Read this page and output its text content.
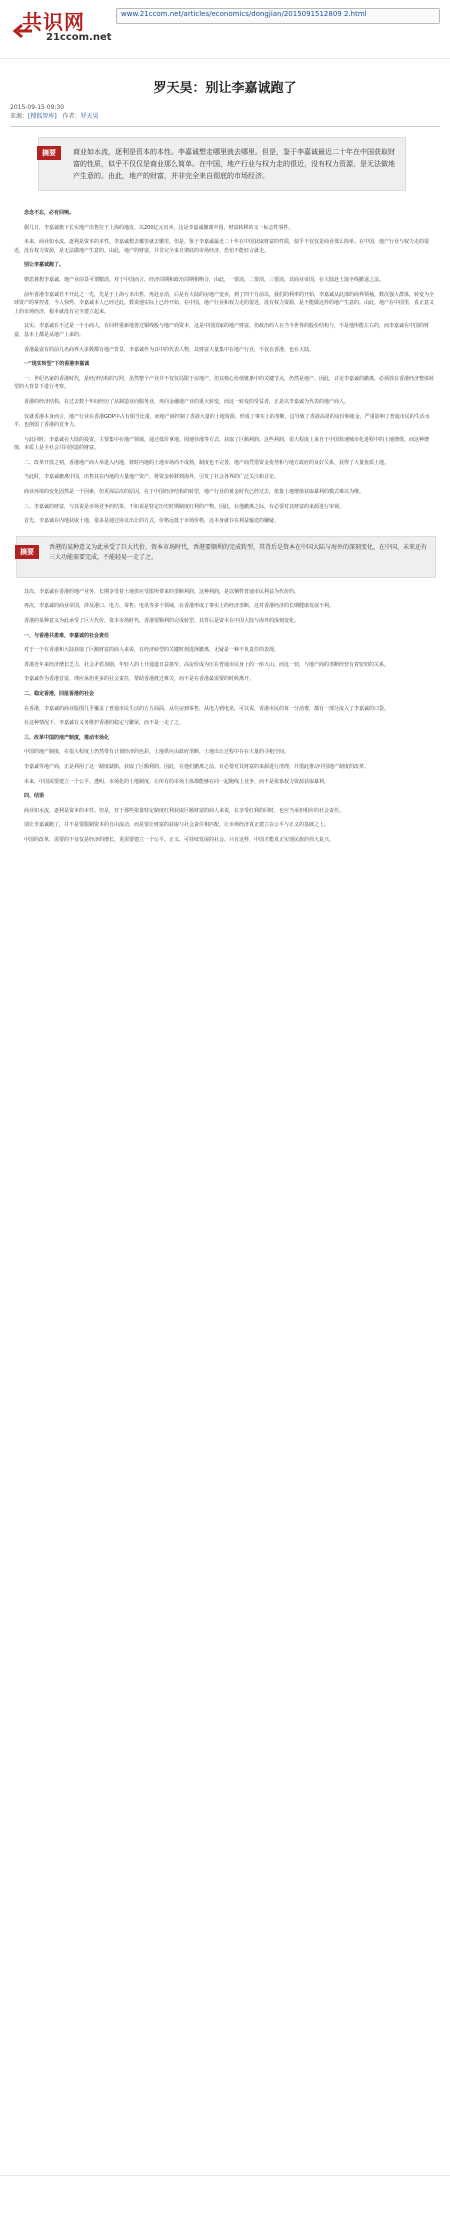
共识网
21ccom.net
www.21ccom.net/articles/economics/dongjian/2015091512809 2.html
罗天昊：别让李嘉诚跑了
2015-09-15 09:30
来源：[搜狐智库] 作者：罗天昊
摘要	商业如水流，逐利是资本的本性。李嘉诚想走哪里就去哪里。但是，鉴于李嘉诚最近二十年在中国获取财富的性质，似乎不仅仅是商业那么简单。在中国，地产行业与权力走的很近，没有权力资源，是无法做地产生意的。由此，地产的财富，并非完全来自彻底的市场经济。

念念不忘，必有回响。

据几日，李嘉诚旗下长实地产出售位于上海的地皮，以200亿元出卖，这是李嘉诚撤离中国，财富转移的又一标志性事件。

未来，商业如水流，逐利是资本的本性。李嘉诚想去哪里就去哪里，但是，鉴于李嘉诚最近二十年在中国获取财富的性质，似乎不仅仅是商业那么简单。在中国，地产行业与权力走的很近，没有权力资源，是无法做地产生意的。由此，地产的财富，并非完全来自彻底的市场经济，恐怕不能轻言就走。

别让李嘉诚跑了。

朝思暮想李嘉诚，地产业前景可谓黯淡。对于中国而言，经济周期和政治周期相吻合，由此，一要消，二要消，三要消，其商业帝国，在大陆赴上演全线撤退之法。

前年香港李嘉诚若不开此之一先，先是于上海亏本出售，再赴京消，后是在大陆的房地产变卖，到了四个月前以，我们的利率的开始，李嘉诚从此部的商界领袖，数次强大群体，转变为全球资产的掌控者，今人惊愕，李嘉诚本人已经过此，数说他实际上已经开始，在中国，地产行业和权力走的很近，没有权力资源，是不能做这样的地产生意的。由此，地产在中国里，真正意义上的市场经济，根本就没有完全建立起来。

其实，李嘉诚在不过是一个小商人，有同样重新地善过铜线般与地产商资本，这是中国国家的地产财富，但政治的人在当今世界的股份结构与，不是他所能左右的，而李嘉诚在中国的财富，基本上都是从地产上来的。

香港最富有的前几名商界大多数都有地产背景，李嘉诚作为其中的代表人物，其财富大量集中在地产行业，不仅在香港，也在大陆。

一"现实转型"下的香港李嘉诚

一、世纪名家的香港时代，是经济结构的写照，虽然整个产业并不仅仅局限于房地产，但其核心价值链条中的关键节点，仍然是地产。因此，讨论李嘉诚的撤离，必须放在香港经济整体转型的大背景下进行考察。

香港的经济结构，在过去数十年间经历了从制造业向服务业，再向金融地产业的重大转变，而这一转变的受益者，正是以李嘉诚为代表的地产商人。

仅就香港本身而言，地产行业在香港GDP中占有相当比重，而地产商控制了香港大量的土地资源，形成了事实上的垄断，这导致了香港高昂的房价和租金，严重影响了普通市民的生活水平，也削弱了香港的竞争力。

与此同时，李嘉诚在大陆的投资，主要集中在地产领域，通过低价拿地、囤地待涨等方式，获取了巨额利润。这些利润，很大程度上来自于中国快速城市化进程中的土地增值，而这种增值，本质上是全社会共同创造的财富。

二、改革开放之初，香港地产商大举进入内地，彼时内地的土地市场尚不成熟，制度也不完善，地产商凭借资金优势和与地方政府的良好关系，获得了大量优质土地。

当此时，李嘉诚撤离中国，出售其在内地的大量地产资产，将资金转移到海外，引发了社会各界的广泛关注和讨论。

商业环境的变化固然是一个因素，但更深层次的原因，在于中国经济结构的转型，地产行业的黄金时代已经过去，依靠土地增值获取暴利的模式难以为继。

三、李嘉诚的财富，与其说是市场竞争的结果，不如说是特定历史时期制度红利的产物。因此，在他撤离之际，有必要对其财富的来源进行审视。

首先，李嘉诚在内地获取土地，很多是通过协议出让的方式，价格远低于市场价格，这本身就存在利益输送的嫌疑。

摘要
香港的某种意义为此承受了巨大代价，资本市场时代，香港要顺利的完成转型，其背后是资本在中国大陆与海外的深刻变化，在中国，未来还有三大功能需要完成，不能轻易一走了之。

其次，李嘉诚在香港的地产业务，长期享受着土地供应受限所带来的垄断利润，这种利润，是以牺牲普通市民利益为代价的。

再次，李嘉诚的商业帝国，涉及港口、电力、零售、电讯等多个领域，在香港形成了事实上的经济垄断，这对香港经济的长期健康发展不利。

香港的某种意义为此承受了巨大代价，资本市场时代，香港要顺利的完成转型，其背后是资本在中国大陆与海外的深刻变化。

一、与香港共患难，李嘉诚的社会责任

对于一个在香港和大陆获取了巨额财富的商人来说，在经济转型的关键时刻选择撤离，无疑是一种不负责任的表现。

香港近年来经济增长乏力，社会矛盾加剧，年轻人的上升通道日益狭窄，高房价成为压在普通市民身上的一座大山。而这一切，与地产商的垄断经营有着密切的关系。

李嘉诚作为香港首富，理应承担更多的社会责任，帮助香港渡过难关，而不是在香港最需要的时候离开。

二、稳定香港，回报香港的社会

在香港，李嘉诚的商业版图几乎覆盖了普通市民生活的方方面面，从住房到零售，从电力到电讯，可以说，香港市民的每一分消费，都有一部分流入了李嘉诚的口袋。

在这种情况下，李嘉诚有义务维护香港的稳定与繁荣，而不是一走了之。

三、改革中国的地产制度，推动市场化

中国的地产制度，在很大程度上仍然带有计划经济的色彩，土地供应由政府垄断，土地出让过程中存在大量的寻租空间。

李嘉诚等地产商，正是利用了这一制度缺陷，获取了巨额利润。因此，在他们撤离之前，有必要对其财富的来源进行清理，并借此推动中国地产制度的改革。

未来，中国需要建立一个公平、透明、市场化的土地制度，让所有的市场主体都能够在同一起跑线上竞争，而不是依靠权力资源获取暴利。

四、结语

商业如水流，逐利是资本的本性。但是，对于那些依靠特定制度红利获取巨额财富的商人来说，在享受红利的同时，也应当承担相应的社会责任。

别让李嘉诚跑了，并不是要限制资本的自由流动，而是要让财富的获取与社会责任相匹配，让市场经济真正建立在公平与正义的基础之上。

中国的改革，需要的不仅仅是经济的增长，更需要建立一个公平、正义、可持续发展的社会。只有这样，中国才能真正实现民族的伟大复兴。
